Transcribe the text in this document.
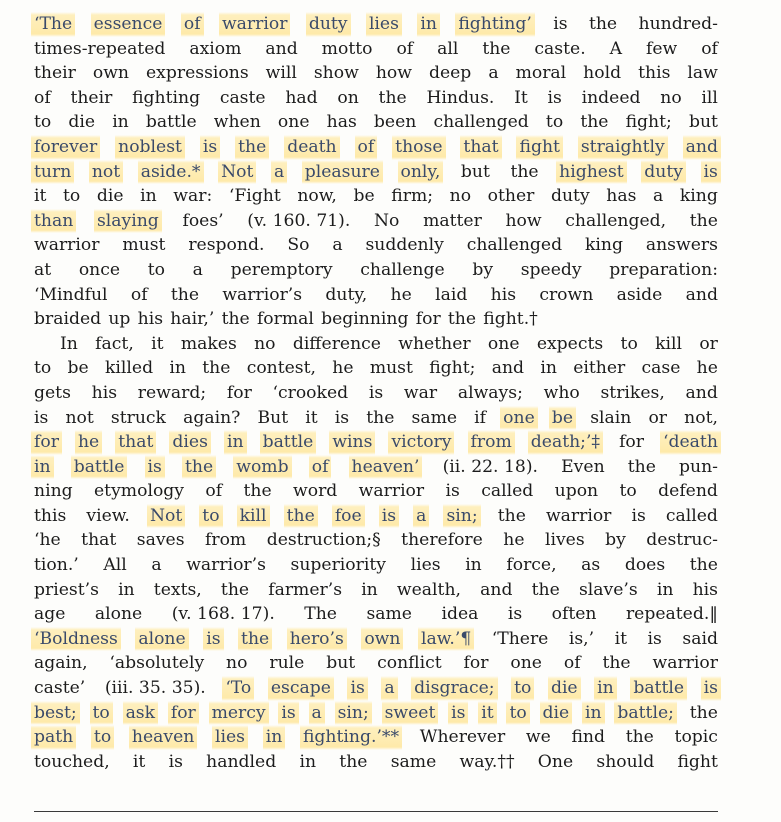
‘The essence of warrior duty lies in fighting’ is the hundred-
times-repeated axiom and motto of all the caste. A few of
their own expressions will show how deep a moral hold this law
of their fighting caste had on the Hindus. It is indeed no ill
to die in battle when one has been challenged to the fight; but
forever noblest is the death of those that fight straightly and
turn not aside.* Not a pleasure only, but the highest duty is
it to die in war: ‘Fight now, be firm; no other duty has a king
than slaying foes’ (v. 160. 71). No matter how challenged, the
warrior must respond. So a suddenly challenged king answers
at once to a peremptory challenge by speedy preparation:
‘Mindful of the warrior’s duty, he laid his crown aside and
braided up his hair,’ the formal beginning for the fight.†
In fact, it makes no difference whether one expects to kill or
to be killed in the contest, he must fight; and in either case he
gets his reward; for ‘crooked is war always; who strikes, and
is not struck again? But it is the same if one be slain or not,
for he that dies in battle wins victory from death;’‡ for ‘death
in battle is the womb of heaven’ (ii. 22. 18). Even the pun-
ning etymology of the word warrior is called upon to defend
this view. Not to kill the foe is a sin; the warrior is called
‘he that saves from destruction;§ therefore he lives by destruc-
tion.’ All a warrior’s superiority lies in force, as does the
priest’s in texts, the farmer’s in wealth, and the slave’s in his
age alone (v. 168. 17). The same idea is often repeated.‖
‘Boldness alone is the hero’s own law.’¶ ‘There is,’ it is said
again, ‘absolutely no rule but conflict for one of the warrior
caste’ (iii. 35. 35). ‘To escape is a disgrace; to die in battle is
best; to ask for mercy is a sin; sweet is it to die in battle; the
path to heaven lies in fighting.’** Wherever we find the topic
touched, it is handled in the same way.†† One should fight
